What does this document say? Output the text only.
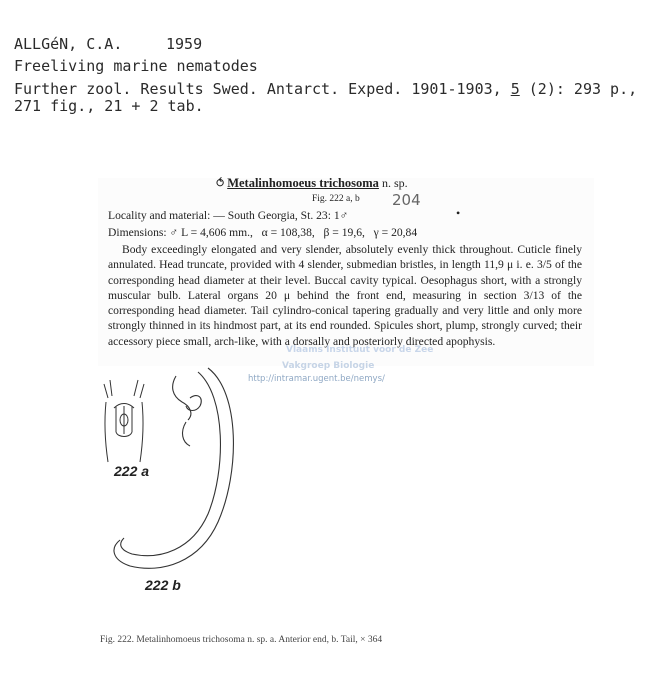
ALLGéN, C.A.	1959
Freeliving marine nematodes
Further zool. Results Swed. Antarct. Exped. 1901-1903, 5 (2): 293 p.,
271 fig., 21 + 2 tab.
⥀ Metalinhomoeus trichosoma n. sp.
Fig. 222 a, b 204
Locality and material: — South Georgia, St. 23: 1♂	•
Dimensions: ♂ L = 4,606 mm.,   α = 108,38,   β = 19,6,   γ = 20,84

Body exceedingly elongated and very slender, absolutely evenly thick throughout. Cuticle finely annulated. Head truncate, provided with 4 slender, submedian bristles, in length 11,9 μ i. e. 3/5 of the corresponding head diameter at their level. Buccal cavity typical. Oesophagus short, with a strongly muscular bulb. Lateral organs 20 μ behind the front end, measuring in section 3/13 of the corresponding head diameter. Tail cylindro-conical tapering gradually and very little and only more strongly thinned in its hindmost part, at its end rounded. Spicules short, plump, strongly curved; their accessory piece small, arch-like, with a dorsally and posteriorly directed apophysis.

Vlaams Instituut voor de Zee
Vakgroep Biologie
http://intramar.ugent.be/nemys/
222 a
222 b
Fig. 222. Metalinhomoeus trichosoma n. sp. a. Anterior end, b. Tail, × 364
